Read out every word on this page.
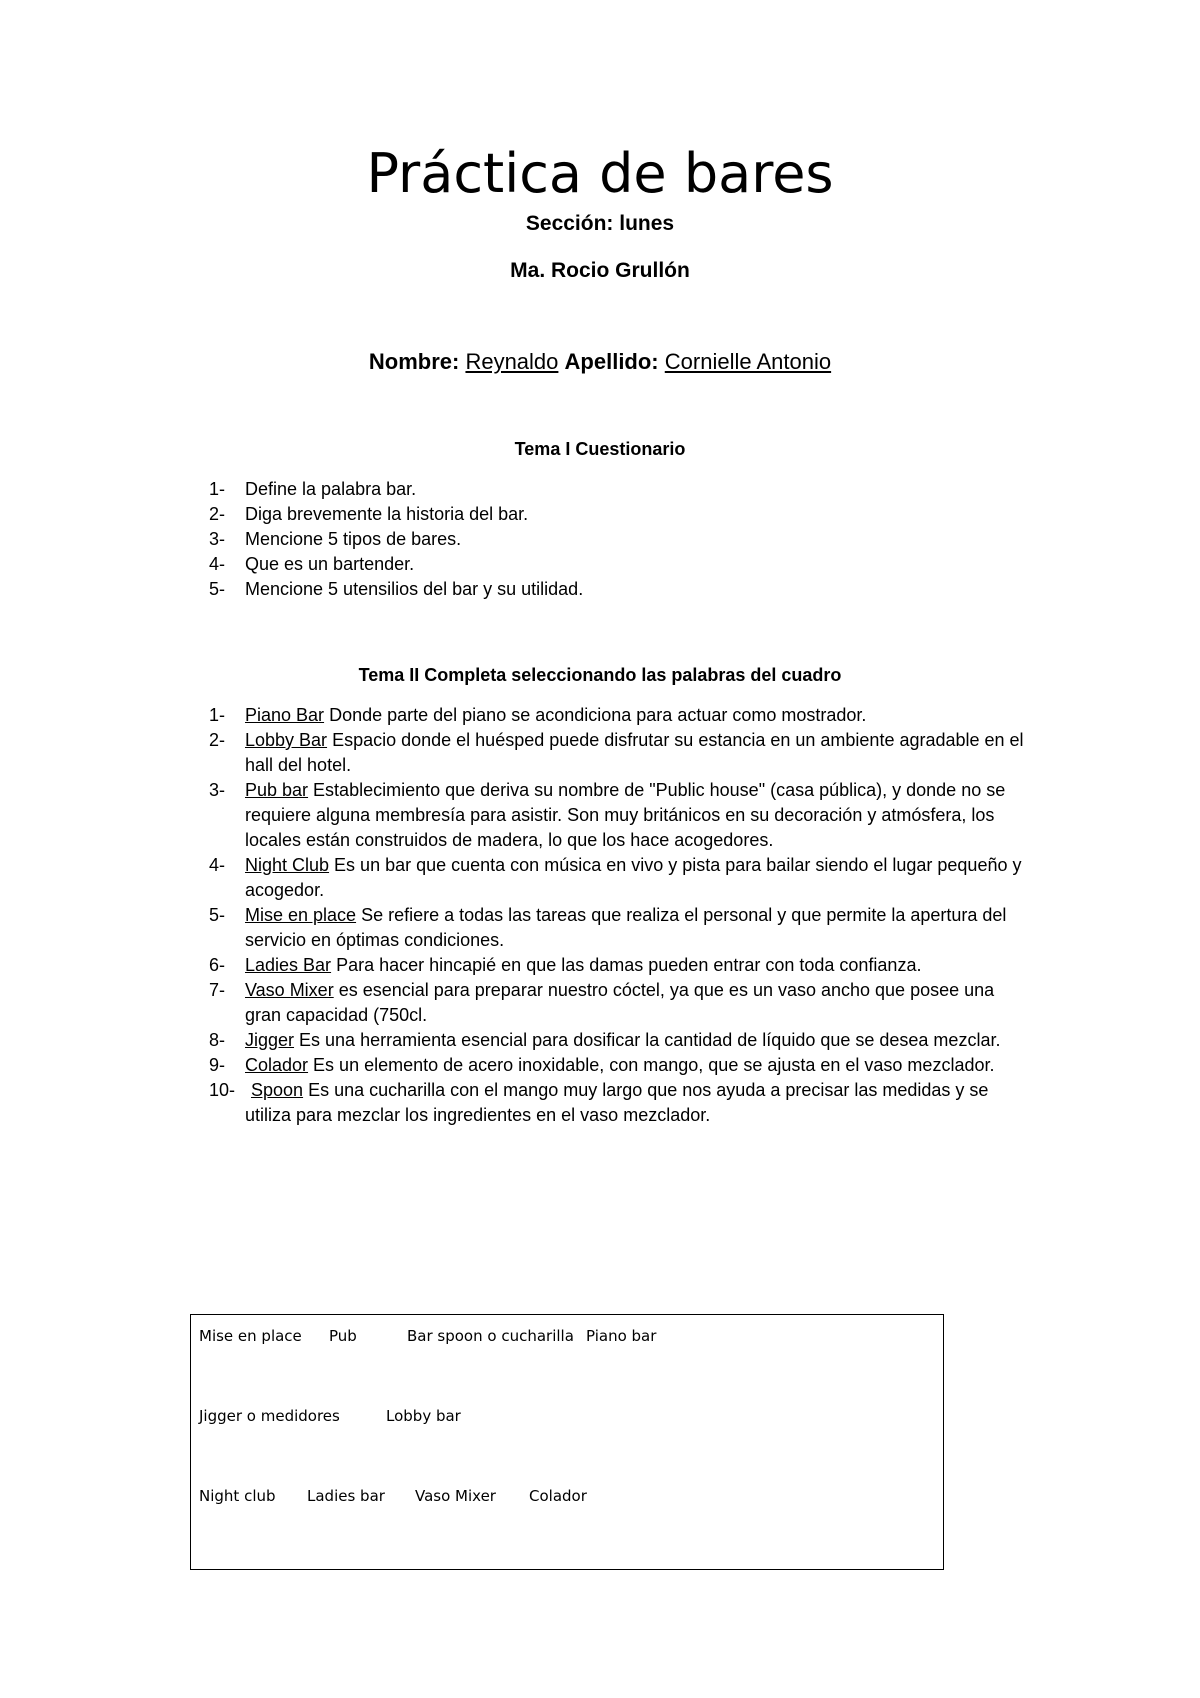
Práctica de bares
Sección: lunes
Ma. Rocio Grullón
Nombre: Reynaldo Apellido: Cornielle Antonio
Tema I Cuestionario
1-	Define la palabra bar.
2-	Diga brevemente la historia del bar.
3-	Mencione 5 tipos de bares.
4-	Que es un bartender.
5-	Mencione 5 utensilios del bar y su utilidad.
Tema II Completa seleccionando las palabras del cuadro
1-	Piano Bar Donde parte del piano se acondiciona para actuar como mostrador.
2-	Lobby Bar Espacio donde el huésped puede disfrutar su estancia en un ambiente agradable en el hall del hotel.
3-	Pub bar Establecimiento que deriva su nombre de "Public house" (casa pública), y donde no se requiere alguna membresía para asistir. Son muy británicos en su decoración y atmósfera, los locales están construidos de madera, lo que los hace acogedores.
4-	Night Club Es un bar que cuenta con música en vivo y pista para bailar siendo el lugar pequeño y acogedor.
5-	Mise en place Se refiere a todas las tareas que realiza el personal y que permite la apertura del servicio en óptimas condiciones.
6-	Ladies Bar Para hacer hincapié en que las damas pueden entrar con toda confianza.
7-	Vaso Mixer es esencial para preparar nuestro cóctel, ya que es un vaso ancho que posee una gran capacidad (750cl.
8-	Jigger Es una herramienta esencial para dosificar la cantidad de líquido que se desea mezclar.
9-	Colador Es un elemento de acero inoxidable, con mango, que se ajusta en el vaso mezclador.
10- Spoon Es una cucharilla con el mango muy largo que nos ayuda a precisar las medidas y se utiliza para mezclar los ingredientes en el vaso mezclador.
Mise en place Pub	Bar spoon o cucharilla Piano bar
Jigger o medidores	Lobby bar
Night club Ladies bar Vaso Mixer Colador
